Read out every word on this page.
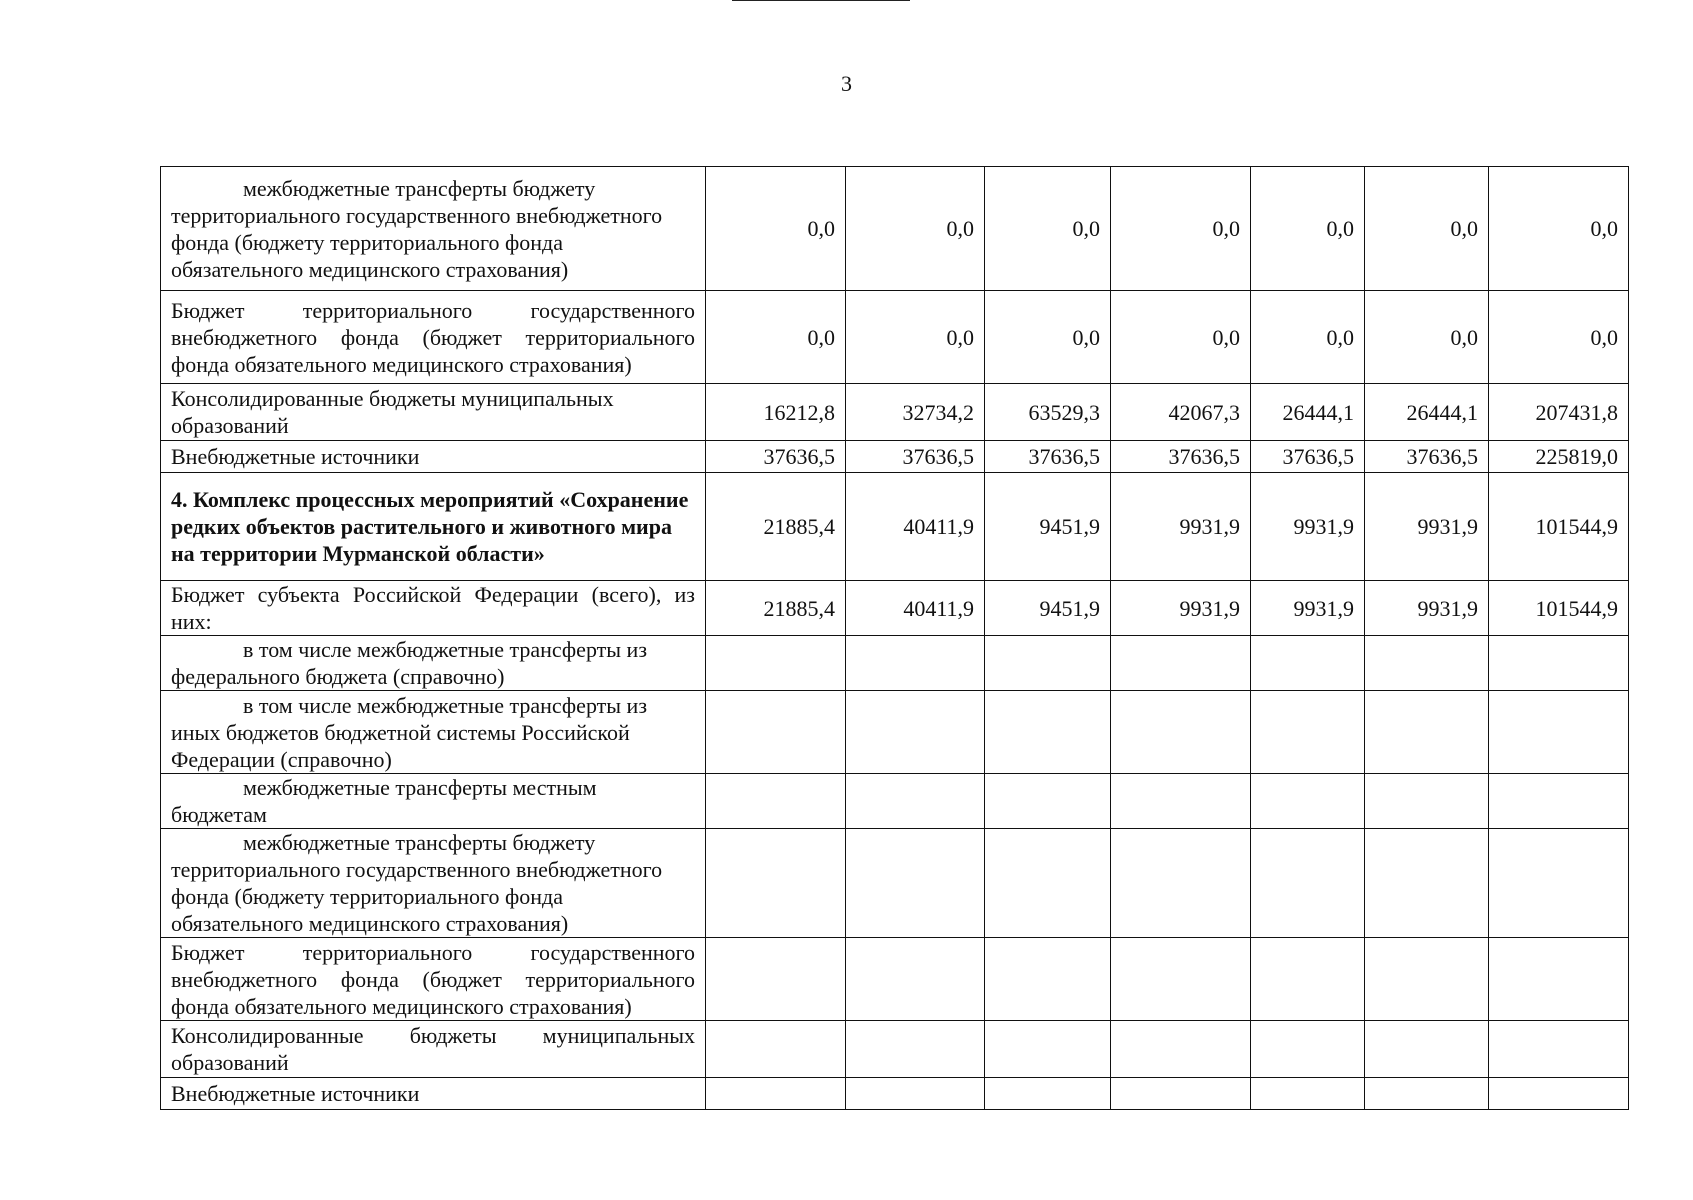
3
межбюджетные трансферты бюджету территориального государственного внебюджетного фонда (бюджету территориального фонда обязательного медицинского страхования)	0,0	0,0	0,0	0,0	0,0	0,0	0,0
Бюджет территориального государственного внебюджетного фонда (бюджет территориального фонда обязательного медицинского страхования)	0,0	0,0	0,0	0,0	0,0	0,0	0,0
Консолидированные бюджеты муниципальных образований	16212,8	32734,2	63529,3	42067,3	26444,1	26444,1	207431,8
Внебюджетные источники	37636,5	37636,5	37636,5	37636,5	37636,5	37636,5	225819,0
4. Комплекс процессных мероприятий «Сохранение редких объектов растительного и животного мира на территории Мурманской области»	21885,4	40411,9	9451,9	9931,9	9931,9	9931,9	101544,9
Бюджет субъекта Российской Федерации (всего), из них:	21885,4	40411,9	9451,9	9931,9	9931,9	9931,9	101544,9
в том числе межбюджетные трансферты из федерального бюджета (справочно)							
в том числе межбюджетные трансферты из иных бюджетов бюджетной системы Российской Федерации (справочно)							
межбюджетные трансферты местным бюджетам							
межбюджетные трансферты бюджету территориального государственного внебюджетного фонда (бюджету территориального фонда обязательного медицинского страхования)							
Бюджет территориального государственного внебюджетного фонда (бюджет территориального фонда обязательного медицинского страхования)							
Консолидированные бюджеты муниципальных образований							
Внебюджетные источники							
